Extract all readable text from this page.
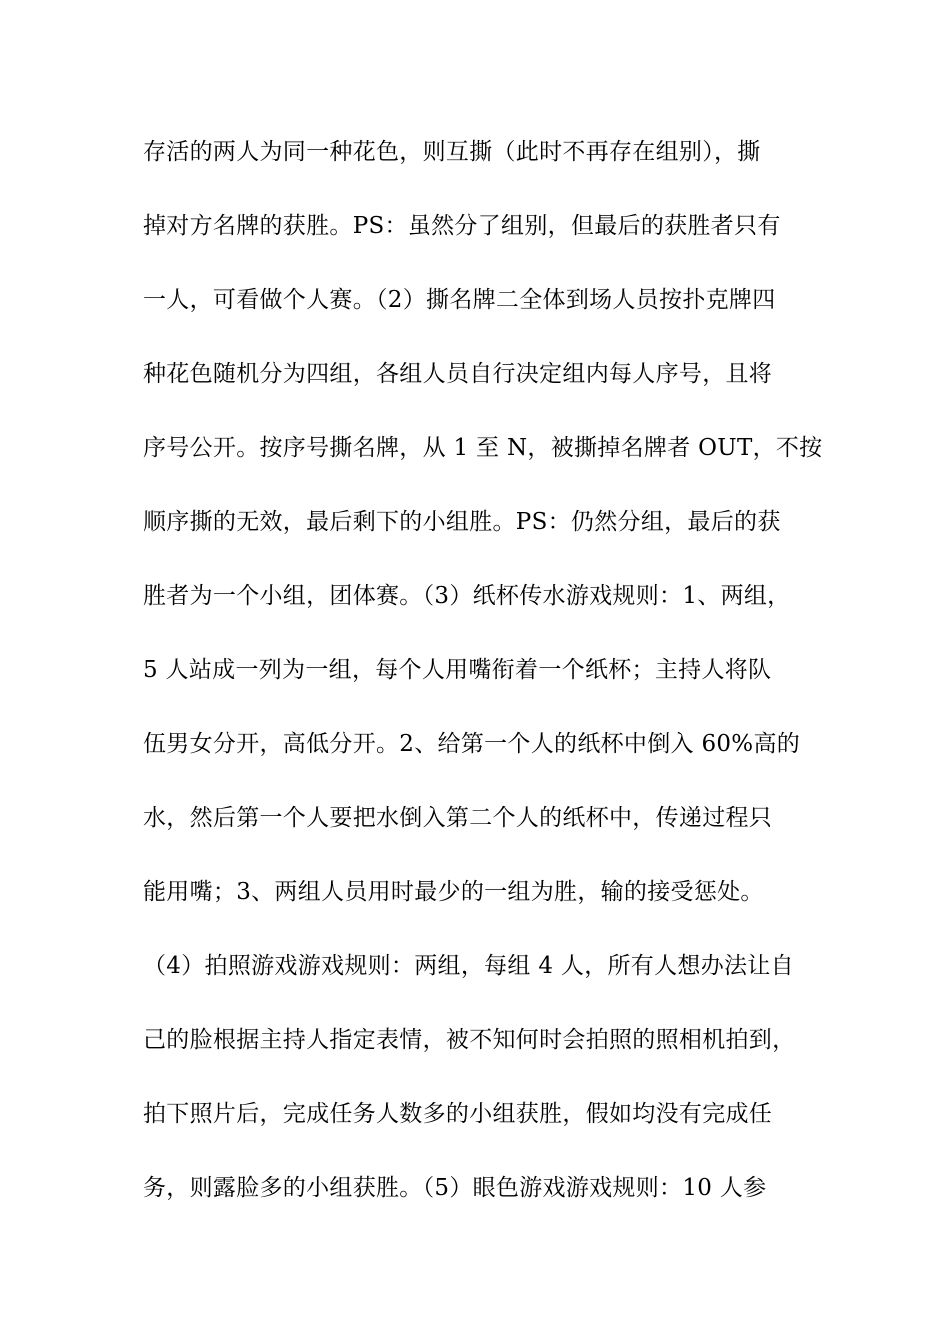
存活的两人为同一种花色，则互撕（此时不再存在组别），撕
掉对方名牌的获胜。PS：虽然分了组别，但最后的获胜者只有
一人，可看做个人赛。（2）撕名牌二全体到场人员按扑克牌四
种花色随机分为四组，各组人员自行决定组内每人序号，且将
序号公开。按序号撕名牌，从 1 至 N，被撕掉名牌者 OUT，不按
顺序撕的无效，最后剩下的小组胜。PS：仍然分组，最后的获
胜者为一个小组，团体赛。（3）纸杯传水游戏规则：1、两组，
5 人站成一列为一组，每个人用嘴衔着一个纸杯；主持人将队
伍男女分开，高低分开。2、给第一个人的纸杯中倒入 60%高的
水，然后第一个人要把水倒入第二个人的纸杯中，传递过程只
能用嘴；3、两组人员用时最少的一组为胜，输的接受惩处。
（4）拍照游戏游戏规则：两组，每组 4 人，所有人想办法让自
己的脸根据主持人指定表情，被不知何时会拍照的照相机拍到，
拍下照片后，完成任务人数多的小组获胜，假如均没有完成任
务，则露脸多的小组获胜。（5）眼色游戏游戏规则：10 人参
